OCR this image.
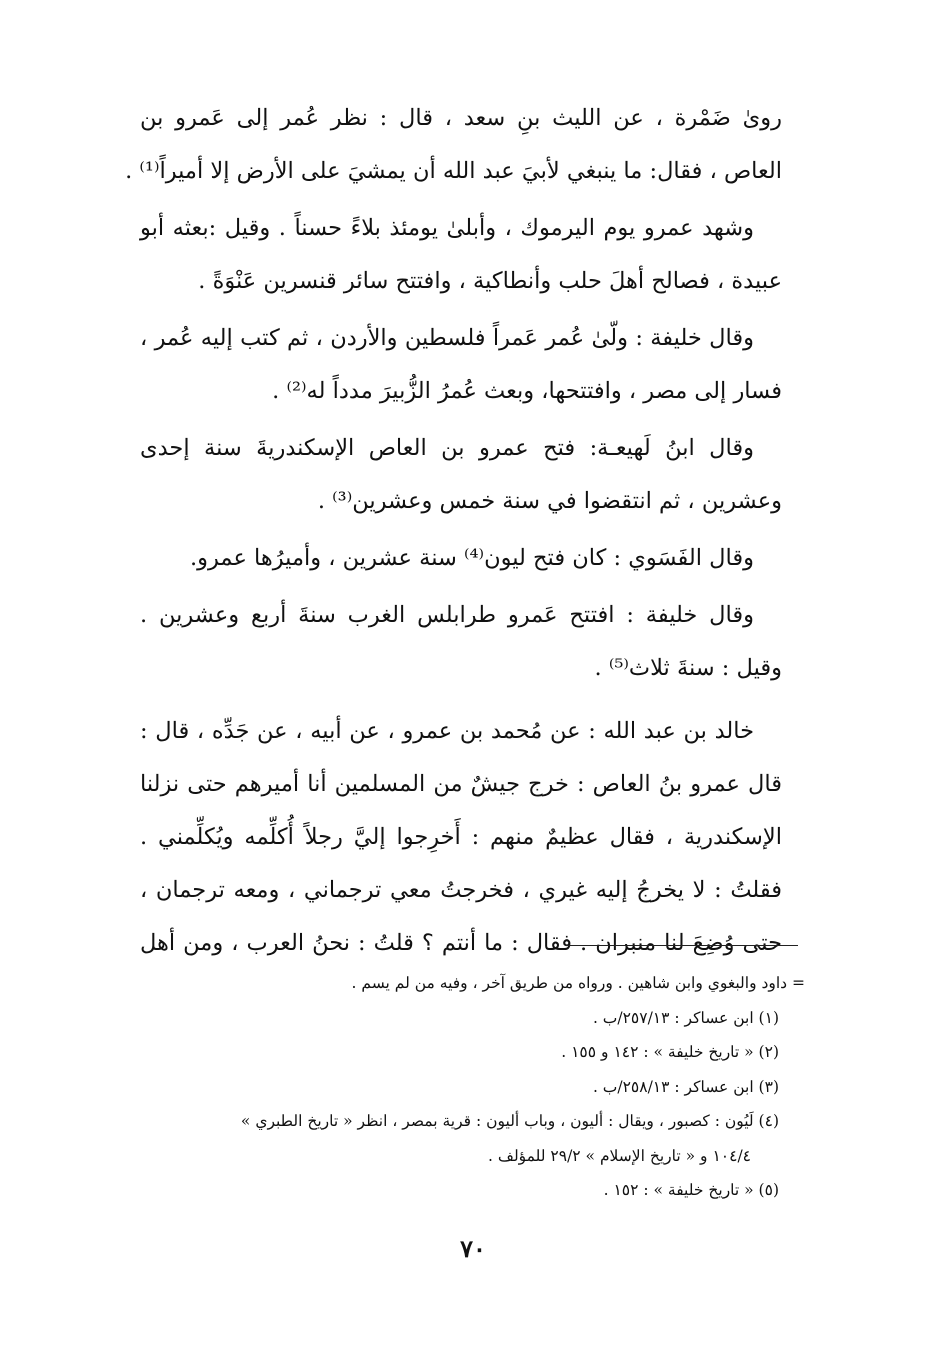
رویٰ ضَمْرة ، عن الليث بنِ سعد ، قال : نظر عُمر إلى عَمرو بن
العاص ، فقال: ما ينبغي لأبيَ عبد الله أن يمشيَ على الأرض إلا أميراً⁽¹⁾ .

وشهد عمرو يوم اليرموك ، وأبلىٰ يومئذ بلاءً حسناً . وقيل :بعثه أبو
عبيدة ، فصالح أهلَ حلب وأنطاكية ، وافتتح سائر قنسرين عَنْوَةً .

وقال خليفة : ولّىٰ عُمر عَمراً فلسطين والأردن ، ثم كتب إليه عُمر ،
فسار إلى مصر ، وافتتحها، وبعث عُمرُ الزُّبيرَ مدداً له⁽²⁾ .

وقال ابنُ لَهيعـة: فتح عمرو بن العاص الإسكندريةَ سنة إحدى
وعشرين ، ثم انتقضوا في سنة خمس وعشرين⁽³⁾ .

وقال الفَسَوي : كان فتح ليون⁽⁴⁾ سنة عشرين ، وأميرُها عمرو.

وقال خليفة : افتتح عَمرو طرابلس الغرب سنةَ أربع وعشرين .
وقيل : سنةَ ثلاث⁽⁵⁾ .

خالد بن عبد الله : عن مُحمد بن عمرو ، عن أبيه ، عن جَدِّه ، قال :
قال عمرو بنُ العاص : خرج جيشٌ من المسلمين أنا أميرهم حتى نزلنا
الإسكندرية ، فقال عظيمٌ منهم : أَخرِجوا إليَّ رجلاً أُكلِّمه ويُكلِّمني .
فقلتُ : لا يخرجُ إليه غيري ، فخرجتُ معي ترجماني ، ومعه ترجمان ،
حتى وُضِعَ لنا منبران . فقال : ما أنتم ؟ قلتُ : نحنُ العرب ، ومن أهل

= داود والبغوي وابن شاهين . ورواه من طريق آخر ، وفيه من لم يسم .
(١) ابن عساكر : ٢٥٧/١٣/ب .
(٢) « تاريخ خليفة » : ١٤٢ و ١٥٥ .
(٣) ابن عساكر : ٢٥٨/١٣/ب .
(٤) لَيُون : كصبور ، ويقال : أليون ، وباب أليون : قرية بمصر ، انظر « تاريخ الطبري »
١٠٤/٤ و « تاريخ الإسلام » ٢٩/٢ للمؤلف .
(٥) « تاريخ خليفة » : ١٥٢ .
٧٠
